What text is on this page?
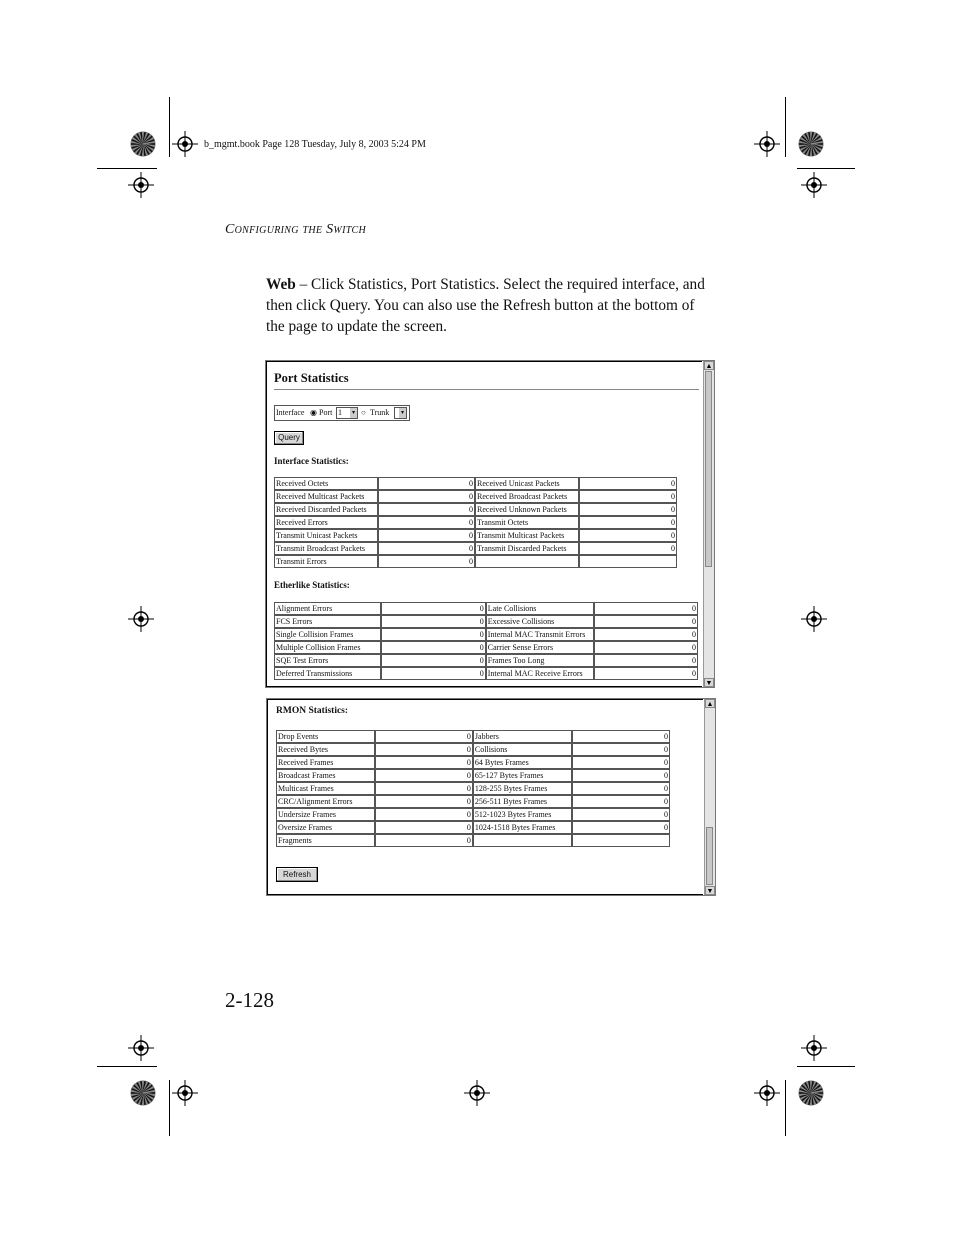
b_mgmt.book Page 128 Tuesday, July 8, 2003 5:24 PM
Configuring the Switch
Web – Click Statistics, Port Statistics. Select the required interface, and then click Query. You can also use the Refresh button at the bottom of the page to update the screen.
▲
▼
Port Statistics
Interface ◉ Port 1	▾ ○ Trunk	▾
Query
Interface Statistics:
Received Octets	0	Received Unicast Packets	0
Received Multicast Packets	0	Received Broadcast Packets	0
Received Discarded Packets	0	Received Unknown Packets	0
Received Errors	0	Transmit Octets	0
Transmit Unicast Packets	0	Transmit Multicast Packets	0
Transmit Broadcast Packets	0	Transmit Discarded Packets	0
Transmit Errors	0		
Etherlike Statistics:
Alignment Errors	0	Late Collisions	0
FCS Errors	0	Excessive Collisions	0
Single Collision Frames	0	Internal MAC Transmit Errors	0
Multiple Collision Frames	0	Carrier Sense Errors	0
SQE Test Errors	0	Frames Too Long	0
Deferred Transmissions	0	Internal MAC Receive Errors	0
▲
▼
RMON Statistics:
Drop Events	0	Jabbers	0
Received Bytes	0	Collisions	0
Received Frames	0	64 Bytes Frames	0
Broadcast Frames	0	65-127 Bytes Frames	0
Multicast Frames	0	128-255 Bytes Frames	0
CRC/Alignment Errors	0	256-511 Bytes Frames	0
Undersize Frames	0	512-1023 Bytes Frames	0
Oversize Frames	0	1024-1518 Bytes Frames	0
Fragments	0		
Refresh
2-128
